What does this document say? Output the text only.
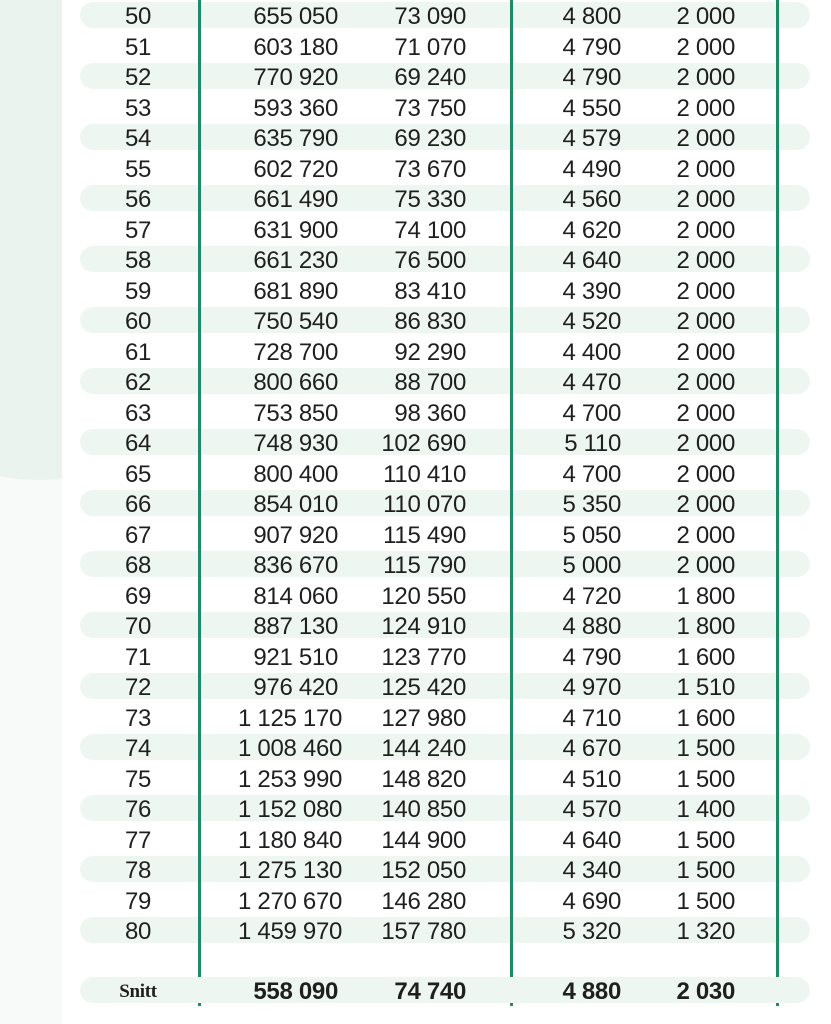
50	655 050	73 090	4 800	2 000
51	603 180	71 070	4 790	2 000
52	770 920	69 240	4 790	2 000
53	593 360	73 750	4 550	2 000
54	635 790	69 230	4 579	2 000
55	602 720	73 670	4 490	2 000
56	661 490	75 330	4 560	2 000
57	631 900	74 100	4 620	2 000
58	661 230	76 500	4 640	2 000
59	681 890	83 410	4 390	2 000
60	750 540	86 830	4 520	2 000
61	728 700	92 290	4 400	2 000
62	800 660	88 700	4 470	2 000
63	753 850	98 360	4 700	2 000
64	748 930	102 690	5 110	2 000
65	800 400	110 410	4 700	2 000
66	854 010	110 070	5 350	2 000
67	907 920	115 490	5 050	2 000
68	836 670	115 790	5 000	2 000
69	814 060	120 550	4 720	1 800
70	887 130	124 910	4 880	1 800
71	921 510	123 770	4 790	1 600
72	976 420	125 420	4 970	1 510
73	1 125 170	127 980	4 710	1 600
74	1 008 460	144 240	4 670	1 500
75	1 253 990	148 820	4 510	1 500
76	1 152 080	140 850	4 570	1 400
77	1 180 840	144 900	4 640	1 500
78	1 275 130	152 050	4 340	1 500
79	1 270 670	146 280	4 690	1 500
80	1 459 970	157 780	5 320	1 320
Snitt	558 090	74 740	4 880	2 030
